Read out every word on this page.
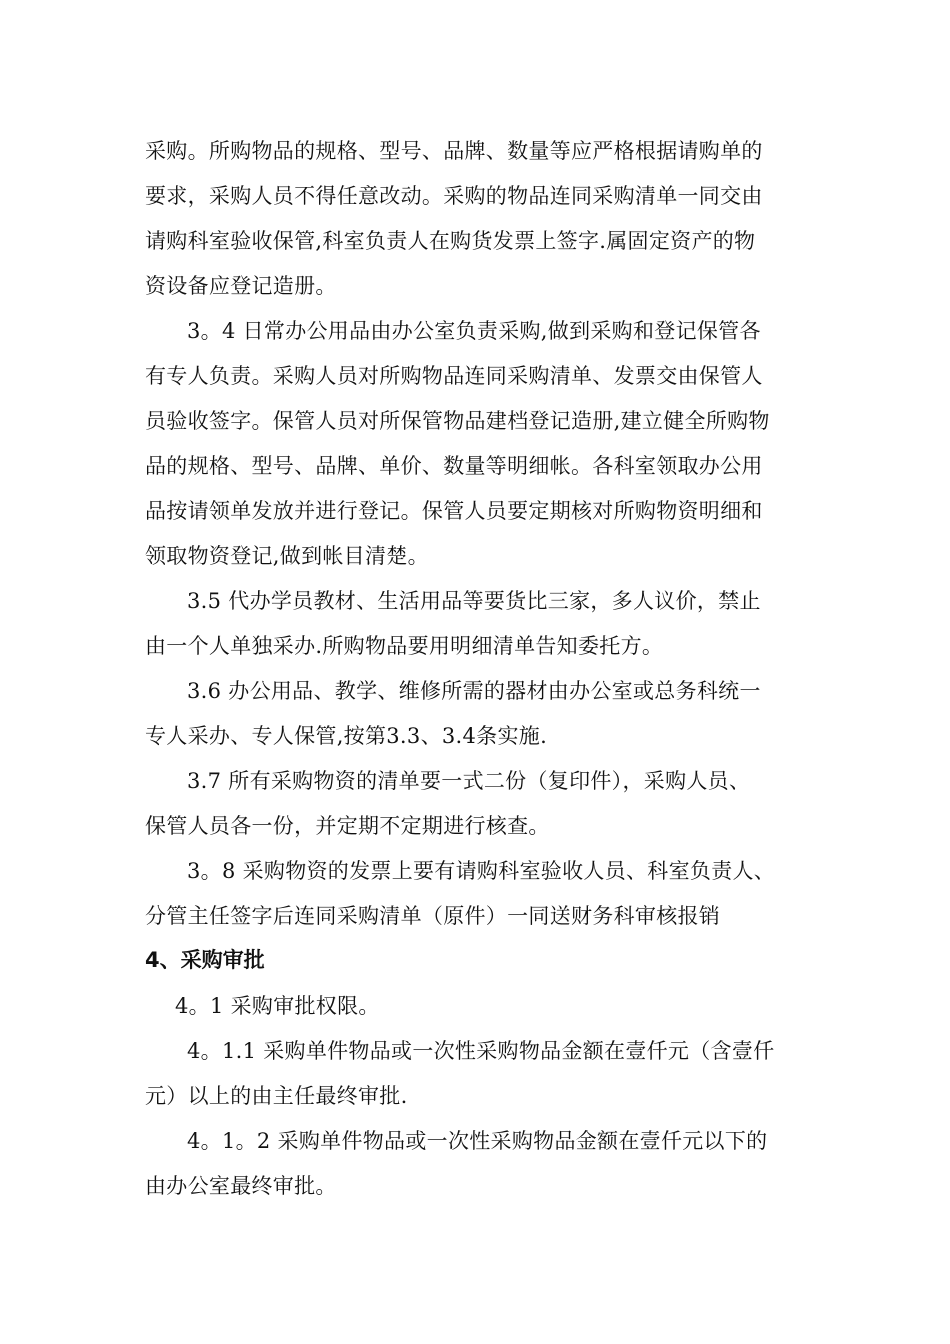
采购。所购物品的规格、型号、品牌、数量等应严格根据请购单的
要求，采购人员不得任意改动。采购的物品连同采购清单一同交由
请购科室验收保管,科室负责人在购货发票上签字.属固定资产的物
资设备应登记造册。
3。4 日常办公用品由办公室负责采购,做到采购和登记保管各
有专人负责。采购人员对所购物品连同采购清单、发票交由保管人
员验收签字。保管人员对所保管物品建档登记造册,建立健全所购物
品的规格、型号、品牌、单价、数量等明细帐。各科室领取办公用
品按请领单发放并进行登记。保管人员要定期核对所购物资明细和
领取物资登记,做到帐目清楚。
3.5 代办学员教材、生活用品等要货比三家，多人议价，禁止
由一个人单独采办.所购物品要用明细清单告知委托方。
3.6 办公用品、教学、维修所需的器材由办公室或总务科统一
专人采办、专人保管,按第3.3、3.4条实施.
3.7 所有采购物资的清单要一式二份（复印件），采购人员、
保管人员各一份，并定期不定期进行核查。
3。8 采购物资的发票上要有请购科室验收人员、科室负责人、
分管主任签字后连同采购清单（原件）一同送财务科审核报销
4、采购审批
4。1 采购审批权限。
4。1.1 采购单件物品或一次性采购物品金额在壹仟元（含壹仟
元）以上的由主任最终审批.
4。1。2 采购单件物品或一次性采购物品金额在壹仟元以下的
由办公室最终审批。
